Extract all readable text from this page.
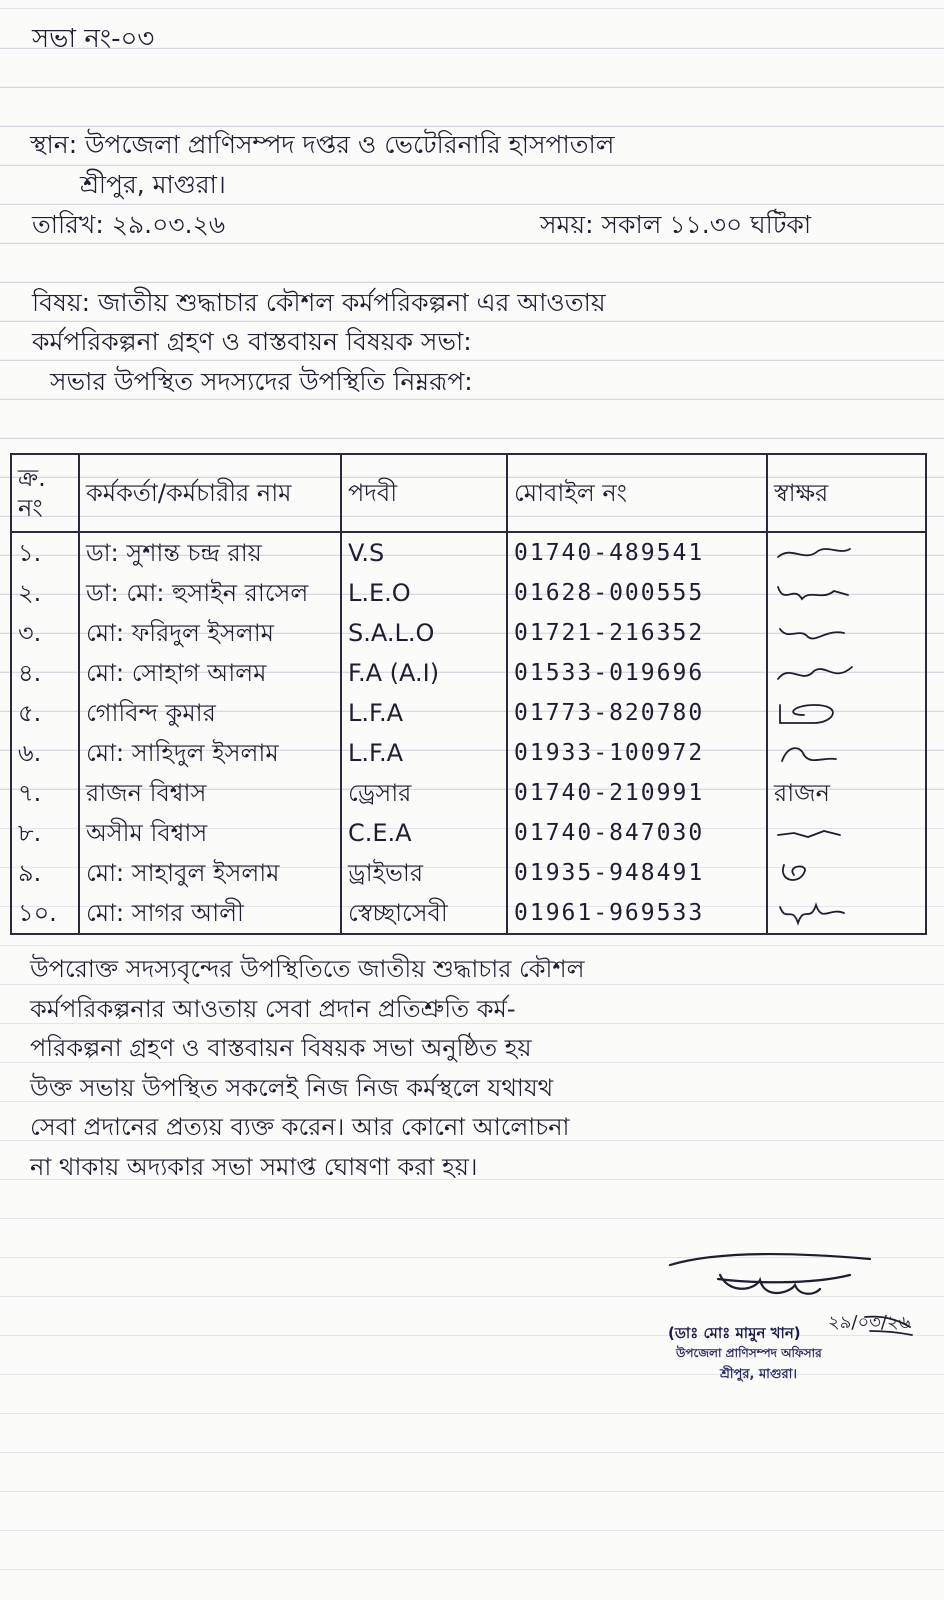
সভা নং-০৩
স্থান: উপজেলা প্রাণিসম্পদ দপ্তর ও ভেটেরিনারি হাসপাতাল
শ্রীপুর, মাগুরা।
তারিখ: ২৯.০৩.২৬	সময়: সকাল ১১.৩০ ঘটিকা
বিষয়: জাতীয় শুদ্ধাচার কৌশল কর্মপরিকল্পনা এর আওতায়
কর্মপরিকল্পনা গ্রহণ ও বাস্তবায়ন বিষয়ক সভা:
সভার উপস্থিত সদস্যদের উপস্থিতি নিম্নরূপ:
ক্র. নং	কর্মকর্তা/কর্মচারীর নাম	পদবী	মোবাইল নং	স্বাক্ষর
১.	ডা: সুশান্ত চন্দ্র রায়	V.S	01740-489541	
২.	ডা: মো: হুসাইন রাসেল	L.E.O	01628-000555	
৩.	মো: ফরিদুল ইসলাম	S.A.L.O	01721-216352	
৪.	মো: সোহাগ আলম	F.A (A.I)	01533-019696	
৫.	গোবিন্দ কুমার	L.F.A	01773-820780	
৬.	মো: সাহিদুল ইসলাম	L.F.A	01933-100972	
৭.	রাজন বিশ্বাস	ড্রেসার	01740-210991	রাজন
৮.	অসীম বিশ্বাস	C.E.A	01740-847030	
৯.	মো: সাহাবুল ইসলাম	ড্রাইভার	01935-948491	
১০.	মো: সাগর আলী	স্বেচ্ছাসেবী	01961-969533	
উপরোক্ত সদস্যবৃন্দের উপস্থিতিতে জাতীয় শুদ্ধাচার কৌশল
কর্মপরিকল্পনার আওতায় সেবা প্রদান প্রতিশ্রুতি কর্ম-
পরিকল্পনা গ্রহণ ও বাস্তবায়ন বিষয়ক সভা অনুষ্ঠিত হয়
উক্ত সভায় উপস্থিত সকলেই নিজ নিজ কর্মস্থলে যথাযথ
সেবা প্রদানের প্রত্যয় ব্যক্ত করেন। আর কোনো আলোচনা
না থাকায় অদ্যকার সভা সমাপ্ত ঘোষণা করা হয়।
২৯/০৩/২৬
(ডাঃ মোঃ মামুন খান)
উপজেলা প্রাণিসম্পদ অফিসার
শ্রীপুর, মাগুরা।
